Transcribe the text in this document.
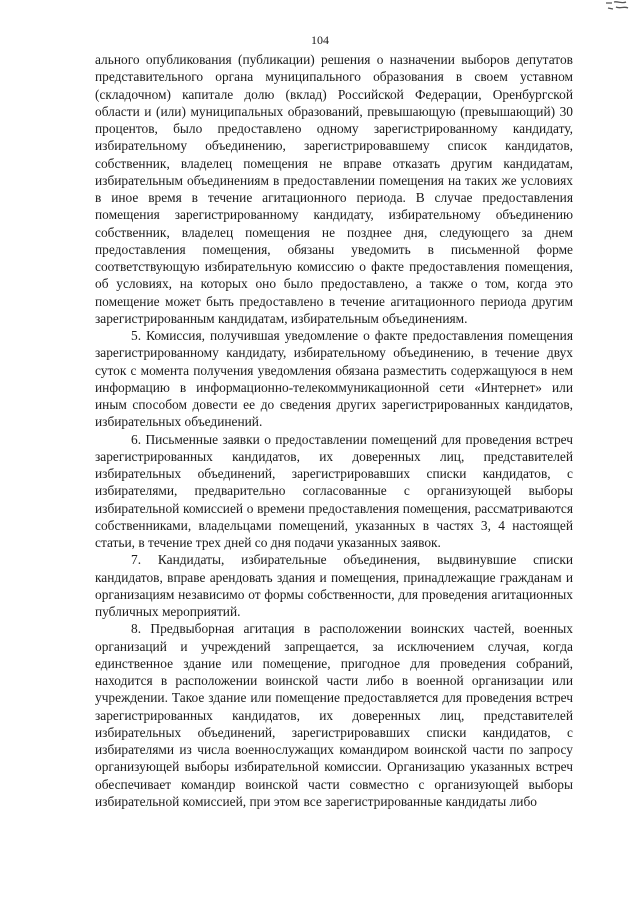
104

ального опубликования (публикации) решения о назначении выборов депутатов представительного органа муниципального образования в своем уставном (складочном) капитале долю (вклад) Российской Федерации, Оренбургской области и (или) муниципальных образований, превышающую (превышающий) 30 процентов, было предоставлено одному зарегистрированному кандидату, избирательному объединению, зарегистрировавшему список кандидатов, собственник, владелец помещения не вправе отказать другим кандидатам, избирательным объединениям в предоставлении помещения на таких же условиях в иное время в течение агитационного периода. В случае предоставления помещения зарегистрированному кандидату, избирательному объединению собственник, владелец помещения не позднее дня, следующего за днем предоставления помещения, обязаны уведомить в письменной форме соответствующую избирательную комиссию о факте предоставления помещения, об условиях, на которых оно было предоставлено, а также о том, когда это помещение может быть предоставлено в течение агитационного периода другим зарегистрированным кандидатам, избирательным объединениям.

5. Комиссия, получившая уведомление о факте предоставления помещения зарегистрированному кандидату, избирательному объединению, в течение двух суток с момента получения уведомления обязана разместить содержащуюся в нем информацию в информационно-телекоммуникационной сети «Интернет» или иным способом довести ее до сведения других зарегистрированных кандидатов, избирательных объединений.

6. Письменные заявки о предоставлении помещений для проведения встреч зарегистрированных кандидатов, их доверенных лиц, представителей избирательных объединений, зарегистрировавших списки кандидатов, с избирателями, предварительно согласованные с организующей выборы избирательной комиссией о времени предоставления помещения, рассматриваются собственниками, владельцами помещений, указанных в частях 3, 4 настоящей статьи, в течение трех дней со дня подачи указанных заявок.

7. Кандидаты, избирательные объединения, выдвинувшие списки кандидатов, вправе арендовать здания и помещения, принадлежащие гражданам и организациям независимо от формы собственности, для проведения агитационных публичных мероприятий.

8. Предвыборная агитация в расположении воинских частей, военных организаций и учреждений запрещается, за исключением случая, когда единственное здание или помещение, пригодное для проведения собраний, находится в расположении воинской части либо в военной организации или учреждении. Такое здание или помещение предоставляется для проведения встреч зарегистрированных кандидатов, их доверенных лиц, представителей избирательных объединений, зарегистрировавших списки кандидатов, с избирателями из числа военнослужащих командиром воинской части по запросу организующей выборы избирательной комиссии. Организацию указанных встреч обеспечивает командир воинской части совместно с организующей выборы избирательной комиссией, при этом все зарегистрированные кандидаты либо
